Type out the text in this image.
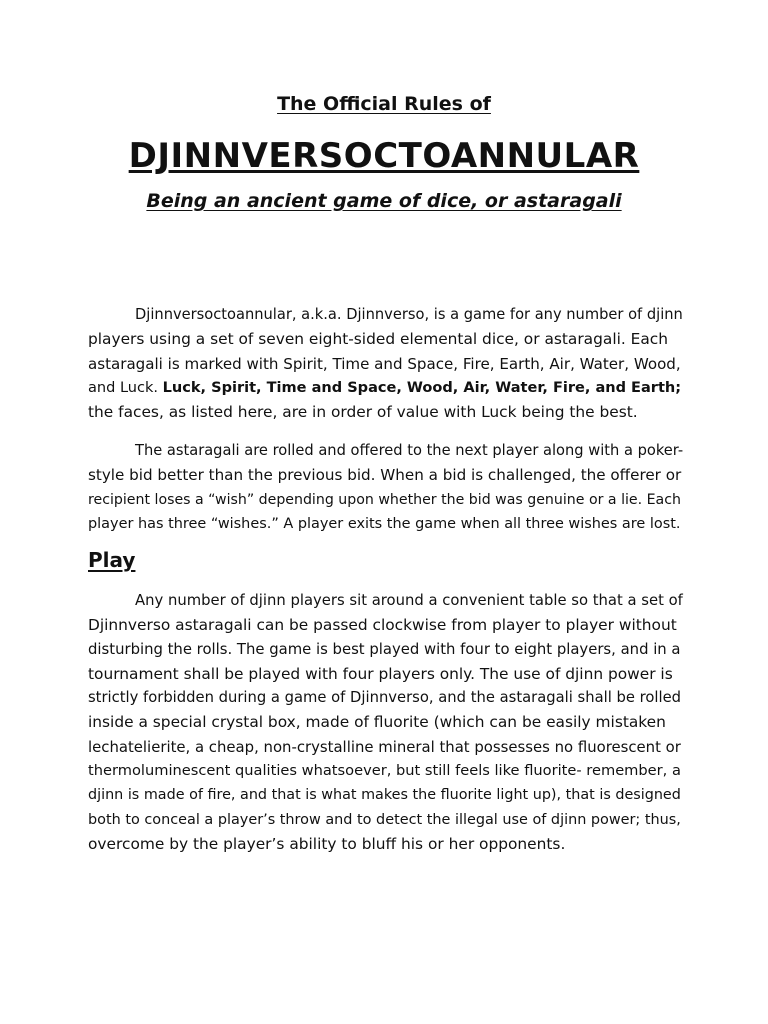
The Official Rules of
DJINNVERSOCTOANNULAR
Being an ancient game of dice, or astaragali
Djinnversoctoannular, a.k.a. Djinnverso, is a game for any number of djinn
players using a set of seven eight-sided elemental dice, or astaragali. Each
astaragali is marked with Spirit, Time and Space, Fire, Earth, Air, Water, Wood,
and Luck. Luck, Spirit, Time and Space, Wood, Air, Water, Fire, and Earth;
the faces, as listed here, are in order of value with Luck being the best.
The astaragali are rolled and offered to the next player along with a poker-
style bid better than the previous bid. When a bid is challenged, the offerer or
recipient loses a “wish” depending upon whether the bid was genuine or a lie. Each
player has three “wishes.” A player exits the game when all three wishes are lost.
Play
Any number of djinn players sit around a convenient table so that a set of
Djinnverso astaragali can be passed clockwise from player to player without
disturbing the rolls. The game is best played with four to eight players, and in a
tournament shall be played with four players only. The use of djinn power is
strictly forbidden during a game of Djinnverso, and the astaragali shall be rolled
inside a special crystal box, made of fluorite (which can be easily mistaken
lechatelierite, a cheap, non-crystalline mineral that possesses no fluorescent or
thermoluminescent qualities whatsoever, but still feels like fluorite- remember, a
djinn is made of fire, and that is what makes the fluorite light up), that is designed
both to conceal a player’s throw and to detect the illegal use of djinn power; thus,
overcome by the player’s ability to bluff his or her opponents.
